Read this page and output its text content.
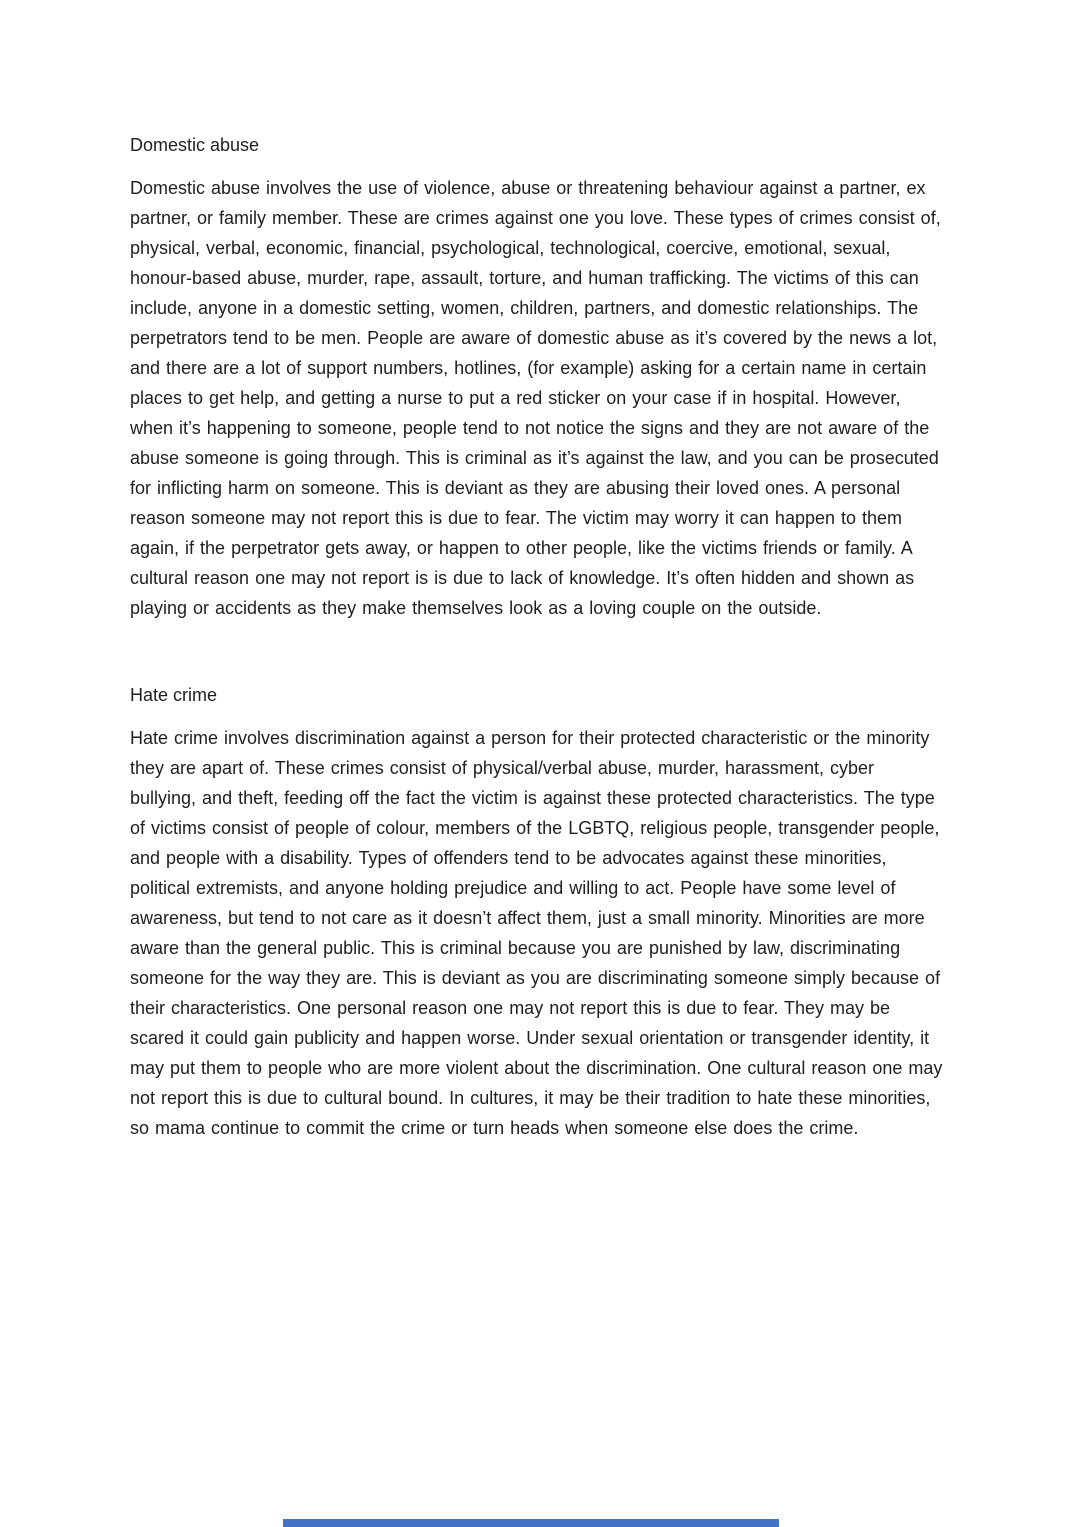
Domestic abuse

Domestic abuse involves the use of violence, abuse or threatening behaviour against a partner, ex partner, or family member. These are crimes against one you love. These types of crimes consist of, physical, verbal, economic, financial, psychological, technological, coercive, emotional, sexual, honour-based abuse, murder, rape, assault, torture, and human trafficking. The victims of this can include, anyone in a domestic setting, women, children, partners, and domestic relationships. The perpetrators tend to be men. People are aware of domestic abuse as it’s covered by the news a lot, and there are a lot of support numbers, hotlines, (for example) asking for a certain name in certain places to get help, and getting a nurse to put a red sticker on your case if in hospital. However, when it’s happening to someone, people tend to not notice the signs and they are not aware of the abuse someone is going through. This is criminal as it’s against the law, and you can be prosecuted for inflicting harm on someone. This is deviant as they are abusing their loved ones. A personal reason someone may not report this is due to fear. The victim may worry it can happen to them again, if the perpetrator gets away, or happen to other people, like the victims friends or family. A cultural reason one may not report is is due to lack of knowledge. It’s often hidden and shown as playing or accidents as they make themselves look as a loving couple on the outside.

Hate crime

Hate crime involves discrimination against a person for their protected characteristic or the minority they are apart of. These crimes consist of physical/verbal abuse, murder, harassment, cyber bullying, and theft, feeding off the fact the victim is against these protected characteristics. The type of victims consist of people of colour, members of the LGBTQ, religious people, transgender people, and people with a disability. Types of offenders tend to be advocates against these minorities, political extremists, and anyone holding prejudice and willing to act. People have some level of awareness, but tend to not care as it doesn’t affect them, just a small minority. Minorities are more aware than the general public. This is criminal because you are punished by law, discriminating someone for the way they are. This is deviant as you are discriminating someone simply because of their characteristics. One personal reason one may not report this is due to fear. They may be scared it could gain publicity and happen worse. Under sexual orientation or transgender identity, it may put them to people who are more violent about the discrimination. One cultural reason one may not report this is due to cultural bound. In cultures, it may be their tradition to hate these minorities, so mama continue to commit the crime or turn heads when someone else does the crime.
